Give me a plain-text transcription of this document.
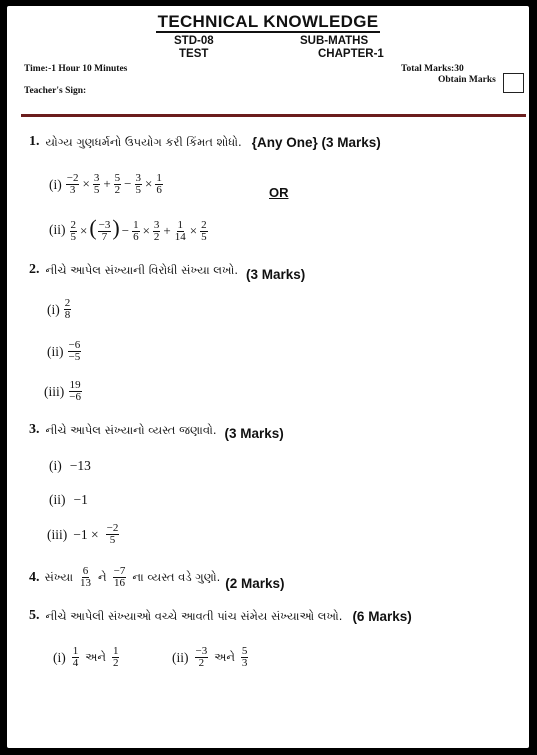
TECHNICAL KNOWLEDGE
STD-08	SUB-MATHS
TEST	CHAPTER-1
Time:-1 Hour 10 Minutes	Total Marks:30
Obtain Marks
Teacher's Sign:
1. યોગ્ય ગુણધર્મનો ઉપયોગ કરી કિંમત શોધો. {Any One} (3 Marks)
$(i) \frac{-2}{3} \times \frac{3}{5} + \frac{5}{2} - \frac{3}{5} \times \frac{1}{6}$	OR
$(ii) \frac{2}{5}$ ×( $\frac{-3}{7}$ ) − $\frac{1}{6} \times \frac{3}{2} + \frac{1}{14} \times \frac{2}{5}$
2. નીચે આપેલ સંખ્યાની વિરોધી સંખ્યા લખો. (3 Marks)
$(i) \frac{2}{8}$
$(ii) \frac{-6}{-5}$
$(iii) \frac{19}{-6}$
3. નીચે આપેલ સંખ્યાનો વ્યસ્ત જણાવો. (3 Marks)
(i) −13
(ii) −1
$(iii) -1 \times \frac{-2}{5}$
4. સંખ્યા $\frac{6}{13}$ ને $\frac{-7}{16}$ ના વ્યસ્ત વડે ગુણો. (2 Marks)
5. નીચે આપેલી સંખ્યાઓ વચ્ચે આવતી પાંચ સંમેય સંખ્યાઓ લખો. (6 Marks)
$(i) \frac{1}{4}$ અને $\frac{1}{2}$	$(ii) \frac{-3}{2}$ અને $\frac{5}{3}$
